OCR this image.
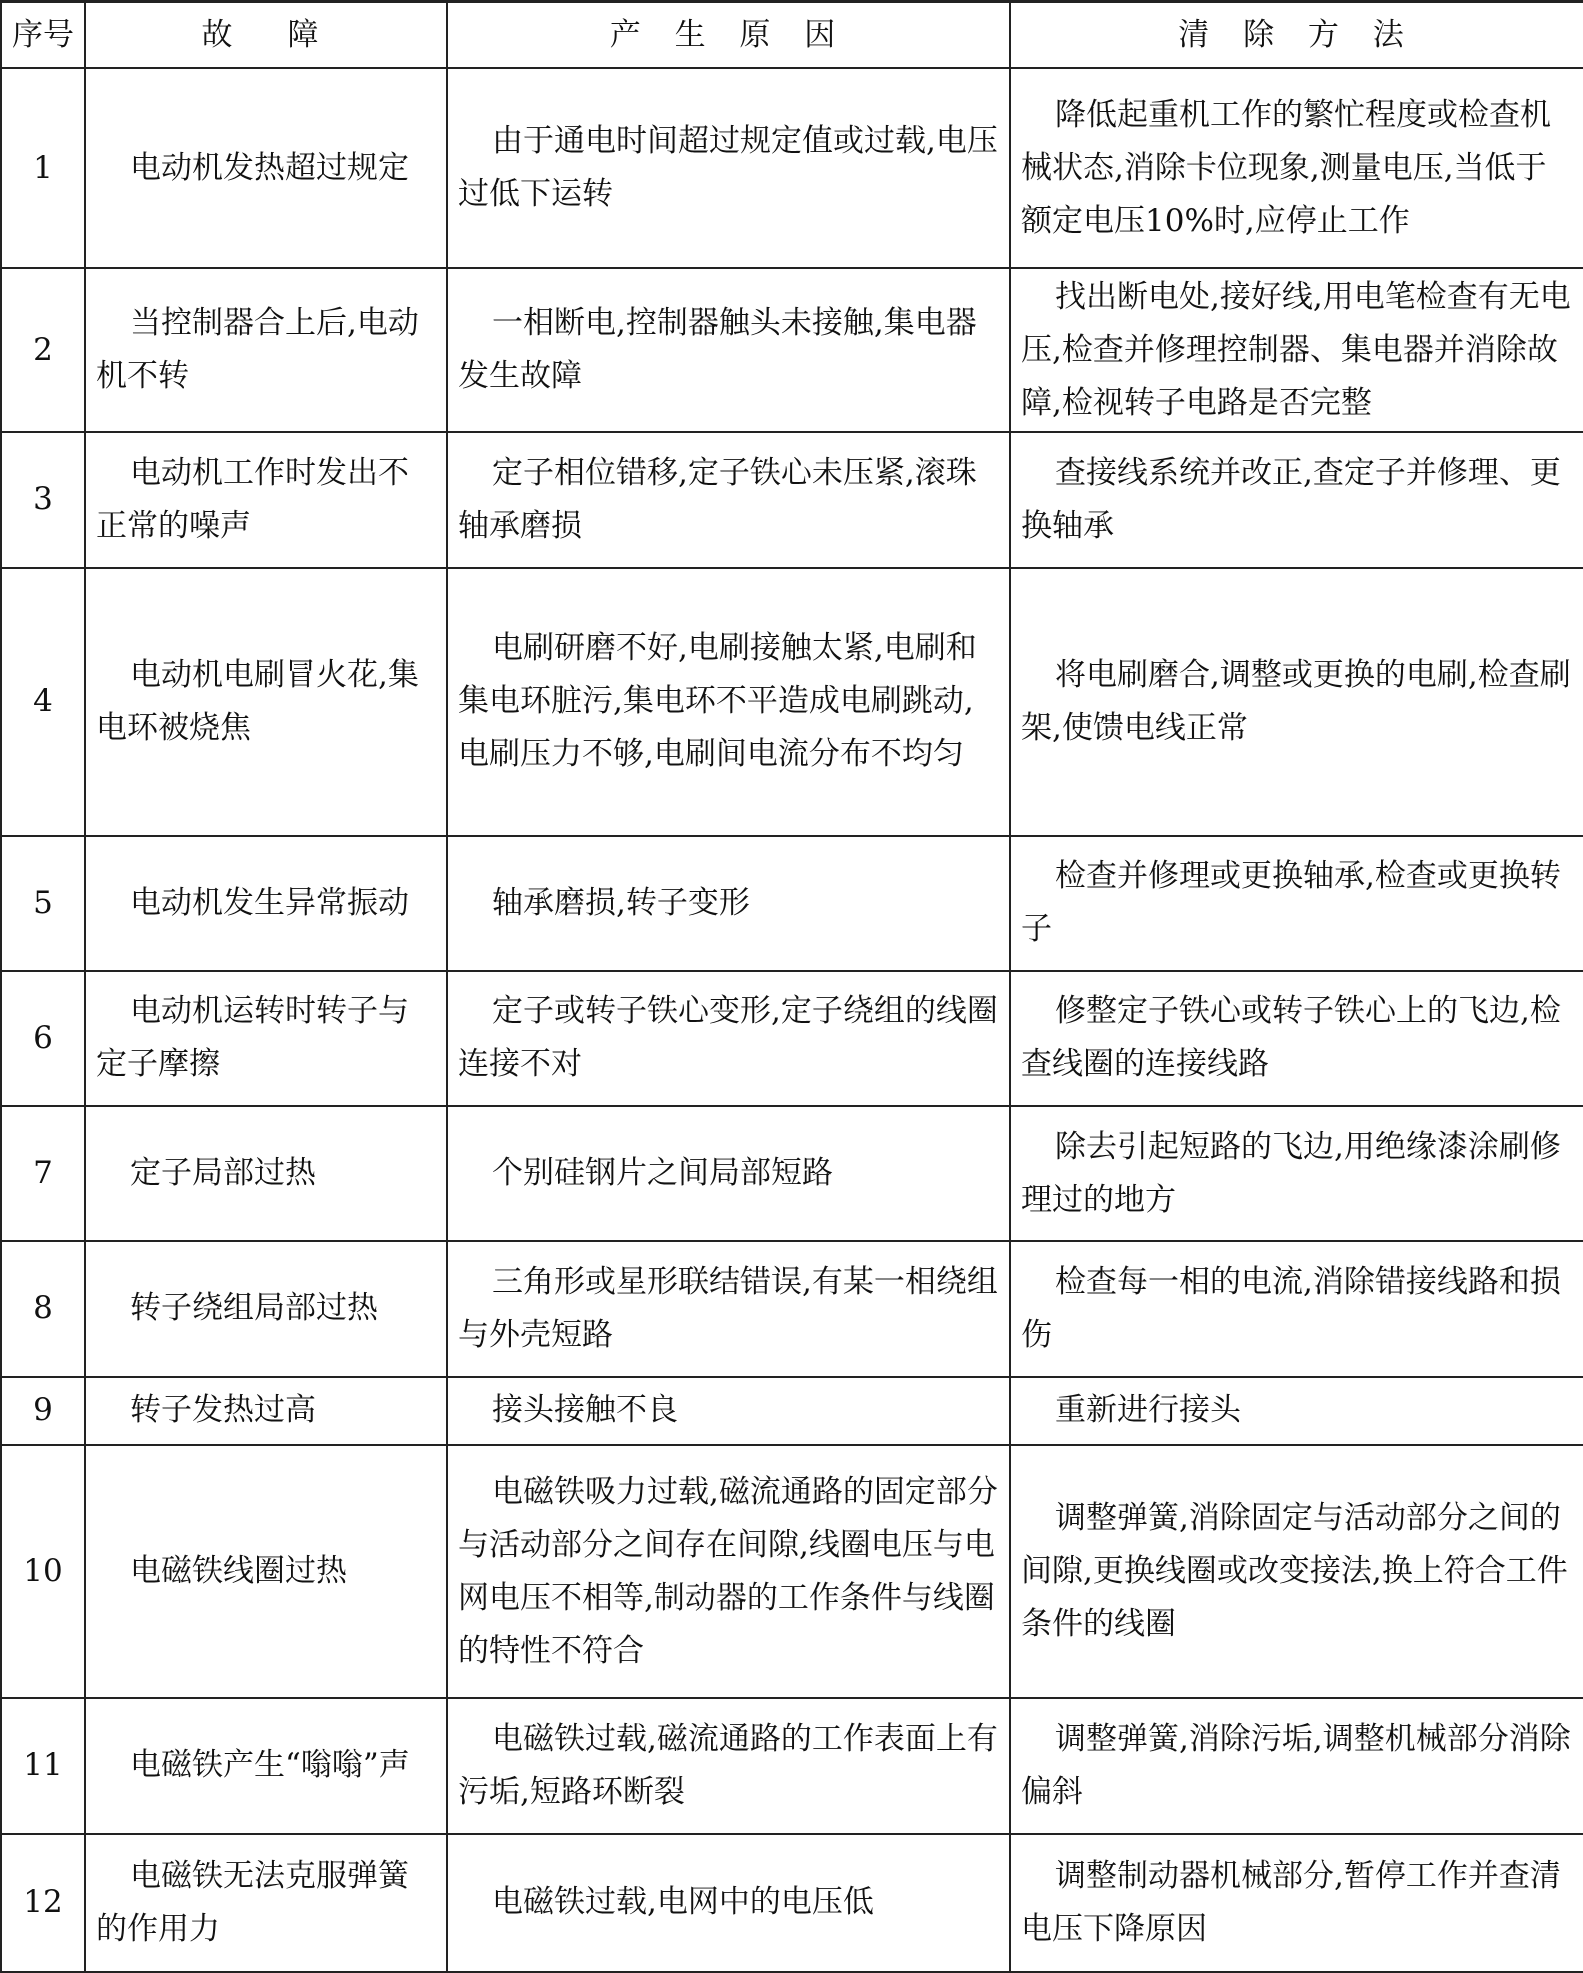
序号	故　障	产 生 原 因	清 除 方 法
1	电动机发热超过规定	由于通电时间超过规定值或过载,电压过低下运转	降低起重机工作的繁忙程度或检查机械状态,消除卡位现象,测量电压,当低于额定电压10%时,应停止工作
2	当控制器合上后,电动机不转	一相断电,控制器触头未接触,集电器发生故障	找出断电处,接好线,用电笔检查有无电压,检查并修理控制器、集电器并消除故障,检视转子电路是否完整
3	电动机工作时发出不正常的噪声	定子相位错移,定子铁心未压紧,滚珠轴承磨损	查接线系统并改正,查定子并修理、更换轴承
4	电动机电刷冒火花,集电环被烧焦	电刷研磨不好,电刷接触太紧,电刷和集电环脏污,集电环不平造成电刷跳动,电刷压力不够,电刷间电流分布不均匀	将电刷磨合,调整或更换的电刷,检查刷架,使馈电线正常
5	电动机发生异常振动	轴承磨损,转子变形	检查并修理或更换轴承,检查或更换转子
6	电动机运转时转子与定子摩擦	定子或转子铁心变形,定子绕组的线圈连接不对	修整定子铁心或转子铁心上的飞边,检查线圈的连接线路
7	定子局部过热	个别硅钢片之间局部短路	除去引起短路的飞边,用绝缘漆涂刷修理过的地方
8	转子绕组局部过热	三角形或星形联结错误,有某一相绕组与外壳短路	检查每一相的电流,消除错接线路和损伤
9	转子发热过高	接头接触不良	重新进行接头
10	电磁铁线圈过热	电磁铁吸力过载,磁流通路的固定部分与活动部分之间存在间隙,线圈电压与电网电压不相等,制动器的工作条件与线圈的特性不符合	调整弹簧,消除固定与活动部分之间的间隙,更换线圈或改变接法,换上符合工件条件的线圈
11	电磁铁产生“嗡嗡”声	电磁铁过载,磁流通路的工作表面上有污垢,短路环断裂	调整弹簧,消除污垢,调整机械部分消除偏斜
12	电磁铁无法克服弹簧的作用力	电磁铁过载,电网中的电压低	调整制动器机械部分,暂停工作并查清电压下降原因
